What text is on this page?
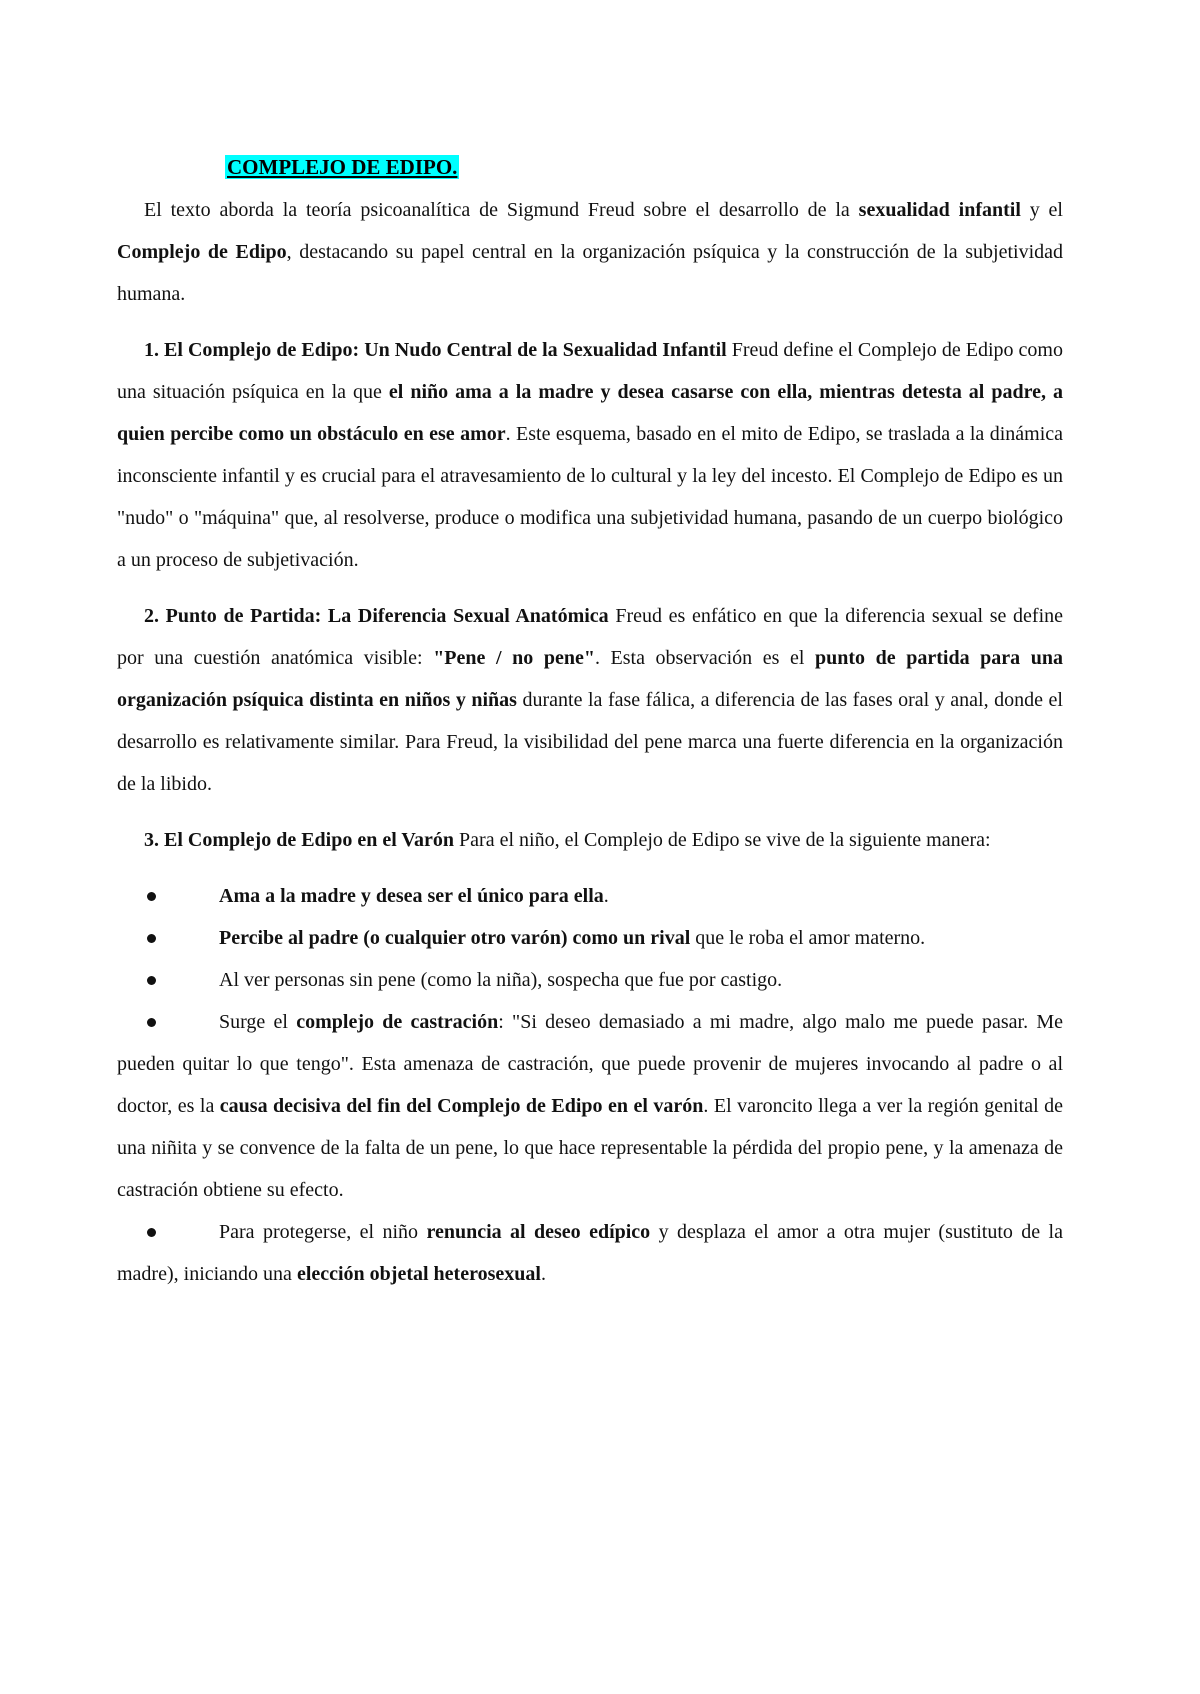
COMPLEJO DE EDIPO.

El texto aborda la teoría psicoanalítica de Sigmund Freud sobre el desarrollo de la sexualidad infantil y el Complejo de Edipo, destacando su papel central en la organización psíquica y la construcción de la subjetividad humana.

1. El Complejo de Edipo: Un Nudo Central de la Sexualidad Infantil Freud define el Complejo de Edipo como una situación psíquica en la que el niño ama a la madre y desea casarse con ella, mientras detesta al padre, a quien percibe como un obstáculo en ese amor. Este esquema, basado en el mito de Edipo, se traslada a la dinámica inconsciente infantil y es crucial para el atravesamiento de lo cultural y la ley del incesto. El Complejo de Edipo es un "nudo" o "máquina" que, al resolverse, produce o modifica una subjetividad humana, pasando de un cuerpo biológico a un proceso de subjetivación.

2. Punto de Partida: La Diferencia Sexual Anatómica Freud es enfático en que la diferencia sexual se define por una cuestión anatómica visible: "Pene / no pene". Esta observación es el punto de partida para una organización psíquica distinta en niños y niñas durante la fase fálica, a diferencia de las fases oral y anal, donde el desarrollo es relativamente similar. Para Freud, la visibilidad del pene marca una fuerte diferencia en la organización de la libido.

3. El Complejo de Edipo en el Varón Para el niño, el Complejo de Edipo se vive de la siguiente manera:

Ama a la madre y desea ser el único para ella.

Percibe al padre (o cualquier otro varón) como un rival que le roba el amor materno.

Al ver personas sin pene (como la niña), sospecha que fue por castigo.

Surge el complejo de castración: "Si deseo demasiado a mi madre, algo malo me puede pasar. Me pueden quitar lo que tengo". Esta amenaza de castración, que puede provenir de mujeres invocando al padre o al doctor, es la causa decisiva del fin del Complejo de Edipo en el varón. El varoncito llega a ver la región genital de una niñita y se convence de la falta de un pene, lo que hace representable la pérdida del propio pene, y la amenaza de castración obtiene su efecto.

Para protegerse, el niño renuncia al deseo edípico y desplaza el amor a otra mujer (sustituto de la madre), iniciando una elección objetal heterosexual.
